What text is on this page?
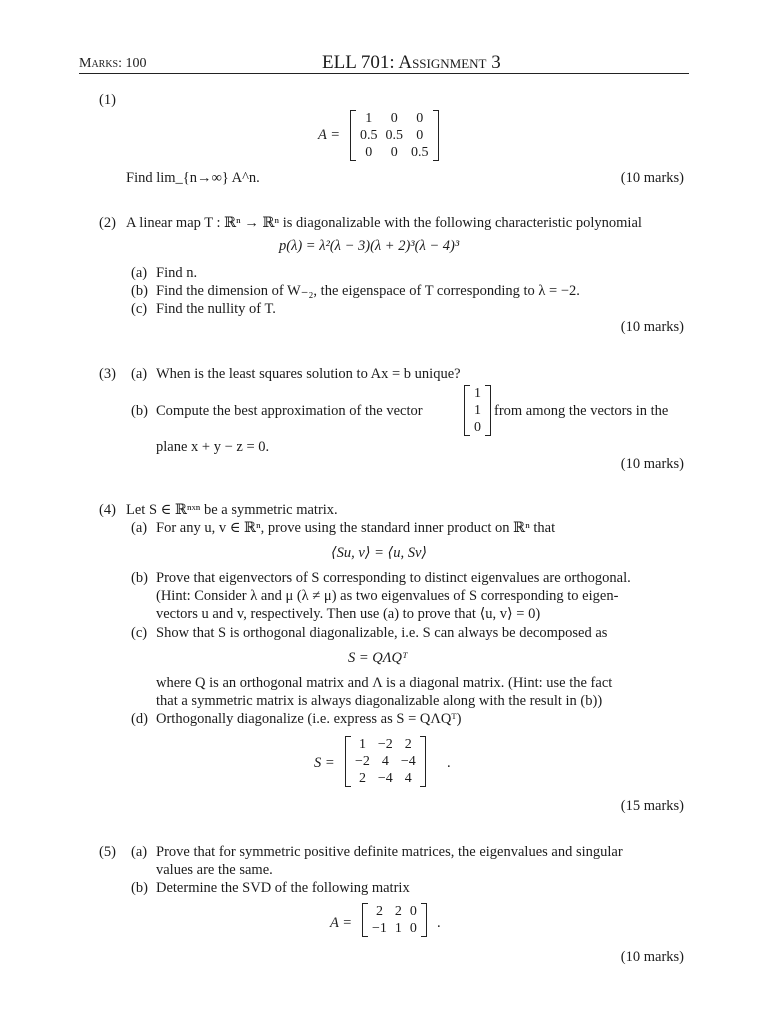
Marks: 100	ELL 701: Assignment 3
(1)
A =
1	0	0
0.5	0.5	0
0	0	0.5
Find lim_{n→∞} A^n.	(10 marks)
(2) A linear map T : ℝⁿ → ℝⁿ is diagonalizable with the following characteristic polynomial
p(λ) = λ²(λ − 3)(λ + 2)³(λ − 4)³
(a) Find n.
(b) Find the dimension of W₋₂, the eigenspace of T corresponding to λ = −2.
(c) Find the nullity of T.
(10 marks)
(3) (a) When is the least squares solution to Ax = b unique?
(b) Compute the best approximation of the vector
1
1
0
from among the vectors in the
plane x + y − z = 0.
(10 marks)
(4) Let S ∈ ℝⁿˣⁿ be a symmetric matrix.
(a) For any u, v ∈ ℝⁿ, prove using the standard inner product on ℝⁿ that
⟨Su, v⟩ = ⟨u, Sv⟩
(b) Prove that eigenvectors of S corresponding to distinct eigenvalues are orthogonal.
(Hint: Consider λ and μ (λ ≠ μ) as two eigenvalues of S corresponding to eigen-
vectors u and v, respectively. Then use (a) to prove that ⟨u, v⟩ = 0)
(c) Show that S is orthogonal diagonalizable, i.e. S can always be decomposed as
S = QΛQᵀ
where Q is an orthogonal matrix and Λ is a diagonal matrix. (Hint: use the fact
that a symmetric matrix is always diagonalizable along with the result in (b))
(d) Orthogonally diagonalize (i.e. express as S = QΛQᵀ)
S =
1	−2	2
−2	4	−4
2	−4	4
.
(15 marks)
(5) (a) Prove that for symmetric positive definite matrices, the eigenvalues and singular
values are the same.
(b) Determine the SVD of the following matrix
A =
2	2	0
−1	1	0 .
(10 marks)
